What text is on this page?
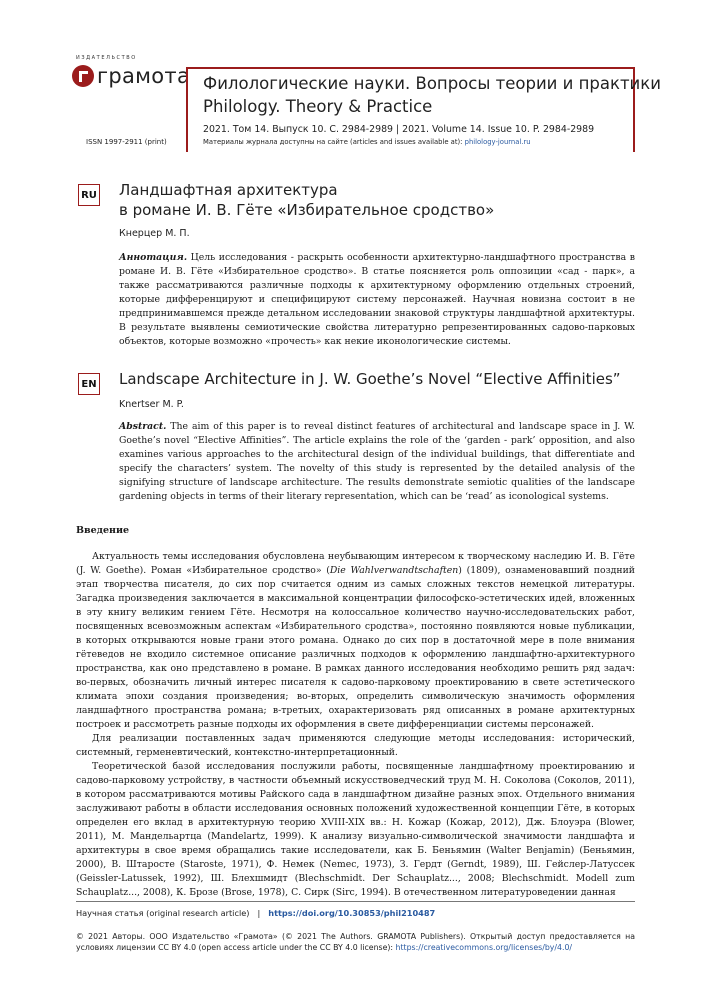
ИЗДАТЕЛЬСТВО
грамота
ISSN 1997-2911 (print)
Филологические науки. Вопросы теории и практики
Philology. Theory & Practice
2021. Том 14. Выпуск 10. С. 2984-2989 | 2021. Volume 14. Issue 10. P. 2984-2989
Материалы журнала доступны на сайте (articles and issues available at): philology-journal.ru
RU Ландшафтная архитектура
в романе И. В. Гёте «Избирательное сродство»
Кнерцер М. П.
Аннотация. Цель исследования - раскрыть особенности архитектурно-ландшафтного пространства в романе И. В. Гёте «Избирательное сродство». В статье поясняется роль оппозиции «сад - парк», а также рассматриваются различные подходы к архитектурному оформлению отдельных строений, которые дифференцируют и специфицируют систему персонажей. Научная новизна состоит в не предпринимавшемся прежде детальном исследовании знаковой структуры ландшафтной архитектуры. В результате выявлены семиотические свойства литературно репрезентированных садово-парковых объектов, которые возможно «прочесть» как некие иконологические системы.
EN Landscape Architecture in J. W. Goethe’s Novel “Elective Affinities”
Knertser M. P.
Abstract. The aim of this paper is to reveal distinct features of architectural and landscape space in J. W. Goethe’s novel “Elective Affinities”. The article explains the role of the ‘garden - park’ opposition, and also examines various approaches to the architectural design of the individual buildings, that differentiate and specify the characters’ system. The novelty of this study is represented by the detailed analysis of the signifying structure of landscape architecture. The results demonstrate semiotic qualities of the landscape gardening objects in terms of their literary representation, which can be ‘read’ as iconological systems.
Введение

Актуальность темы исследования обусловлена неубывающим интересом к творческому наследию И. В. Гёте (J. W. Goethe). Роман «Избирательное сродство» (Die Wahlverwandtschaften) (1809), ознаменовавший поздний этап творчества писателя, до сих пор считается одним из самых сложных текстов немецкой литературы. Загадка произведения заключается в максимальной концентрации философско-эстетических идей, вложенных в эту книгу великим гением Гёте. Несмотря на колоссальное количество научно-исследовательских работ, посвященных всевозможным аспектам «Избирательного сродства», постоянно появляются новые публикации, в которых открываются новые грани этого романа. Однако до сих пор в достаточной мере в поле внимания гётеведов не входило системное описание различных подходов к оформлению ландшафтно-архитектурного пространства, как оно представлено в романе. В рамках данного исследования необходимо решить ряд задач: во-первых, обозначить личный интерес писателя к садово-парковому проектированию в свете эстетического климата эпохи создания произведения; во-вторых, определить символическую значимость оформления ландшафтного пространства романа; в-третьих, охарактеризовать ряд описанных в романе архитектурных построек и рассмотреть разные подходы их оформления в свете дифференциации системы персонажей.

Для реализации поставленных задач применяются следующие методы исследования: исторический, системный, герменевтический, контекстно-интерпретационный.

Теоретической базой исследования послужили работы, посвященные ландшафтному проектированию и садово-парковому устройству, в частности объемный искусствоведческий труд М. Н. Соколова (Соколов, 2011), в котором рассматриваются мотивы Райского сада в ландшафтном дизайне разных эпох. Отдельного внимания заслуживают работы в области исследования основных положений художественной концепции Гёте, в которых определен его вклад в архитектурную теорию XVIII-XIX вв.: Н. Кожар (Кожар, 2012), Дж. Блоуэра (Blower, 2011), М. Мандельартца (Mandelartz, 1999). К анализу визуально-символической значимости ландшафта и архитектуры в свое время обращались такие исследователи, как Б. Беньямин (Walter Benjamin) (Беньямин, 2000), В. Штаросте (Staroste, 1971), Ф. Немек (Nemec, 1973), З. Гердт (Gerndt, 1989), Ш. Гейслер-Латуссек (Geissler-Latussek, 1992), Ш. Блехшмидт (Blechschmidt. Der Schauplatz..., 2008; Blechschmidt. Modell zum Schauplatz..., 2008), К. Брозе (Brose, 1978), С. Сирк (Sirc, 1994). В отечественном литературоведении данная

Научная статья (original research article) | https://doi.org/10.30853/phil210487
© 2021 Авторы. ООО Издательство «Грамота» (© 2021 The Authors. GRAMOTA Publishers). Открытый доступ предоставляется на условиях лицензии CC BY 4.0 (open access article under the CC BY 4.0 license): https://creativecommons.org/licenses/by/4.0/
